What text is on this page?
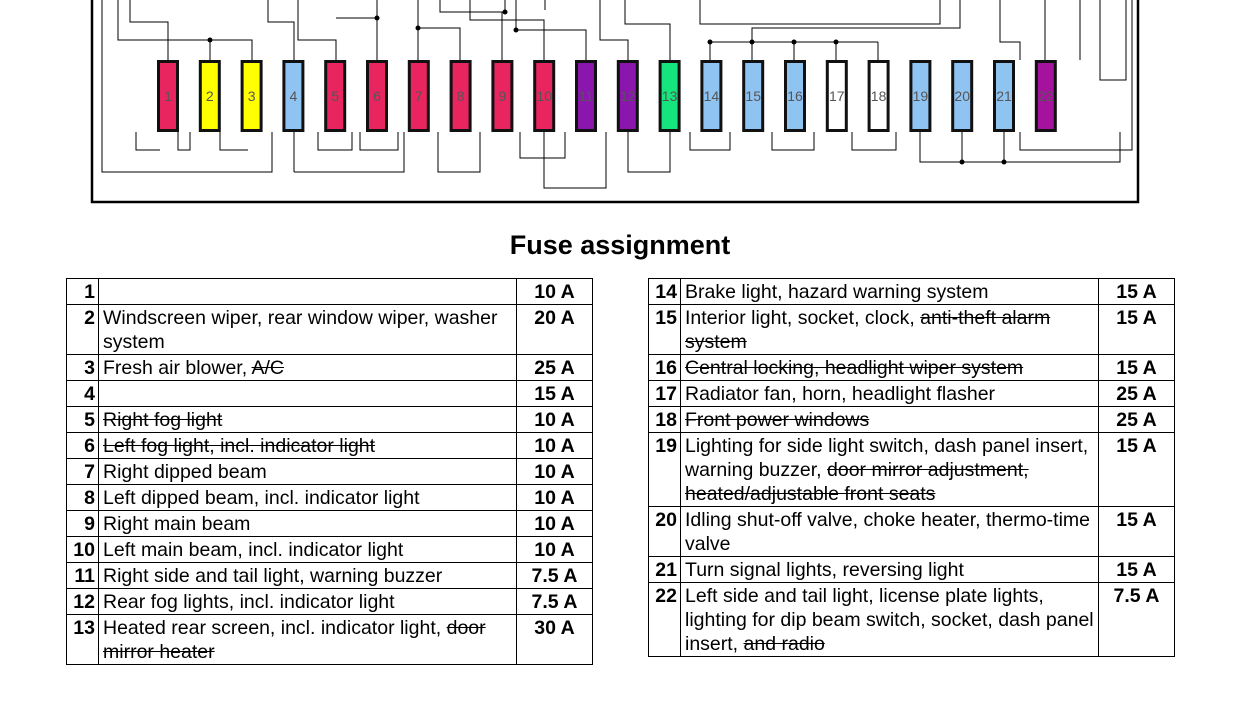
1 2 3 4 5 6 7 8 9 10 11 12 13 14 15 16 17 18 19 20 21 22
Fuse assignment
1		10 A
2	Windscreen wiper, rear window wiper, washer system	20 A
3	Fresh air blower, A/C	25 A
4		15 A
5	Right fog light	10 A
6	Left fog light, incl. indicator light	10 A
7	Right dipped beam	10 A
8	Left dipped beam, incl. indicator light	10 A
9	Right main beam	10 A
10	Left main beam, incl. indicator light	10 A
11	Right side and tail light, warning buzzer	7.5 A
12	Rear fog lights, incl. indicator light	7.5 A
13	Heated rear screen, incl. indicator light, door mirror heater	30 A
14	Brake light, hazard warning system	15 A
15	Interior light, socket, clock, anti-theft alarm system	15 A
16	Central locking, headlight wiper system	15 A
17	Radiator fan, horn, headlight flasher	25 A
18	Front power windows	25 A
19	Lighting for side light switch, dash panel insert, warning buzzer, door mirror adjustment, heated/adjustable front seats	15 A
20	Idling shut-off valve, choke heater, thermo-time valve	15 A
21	Turn signal lights, reversing light	15 A
22	Left side and tail light, license plate lights, lighting for dip beam switch, socket, dash panel insert, and radio	7.5 A
